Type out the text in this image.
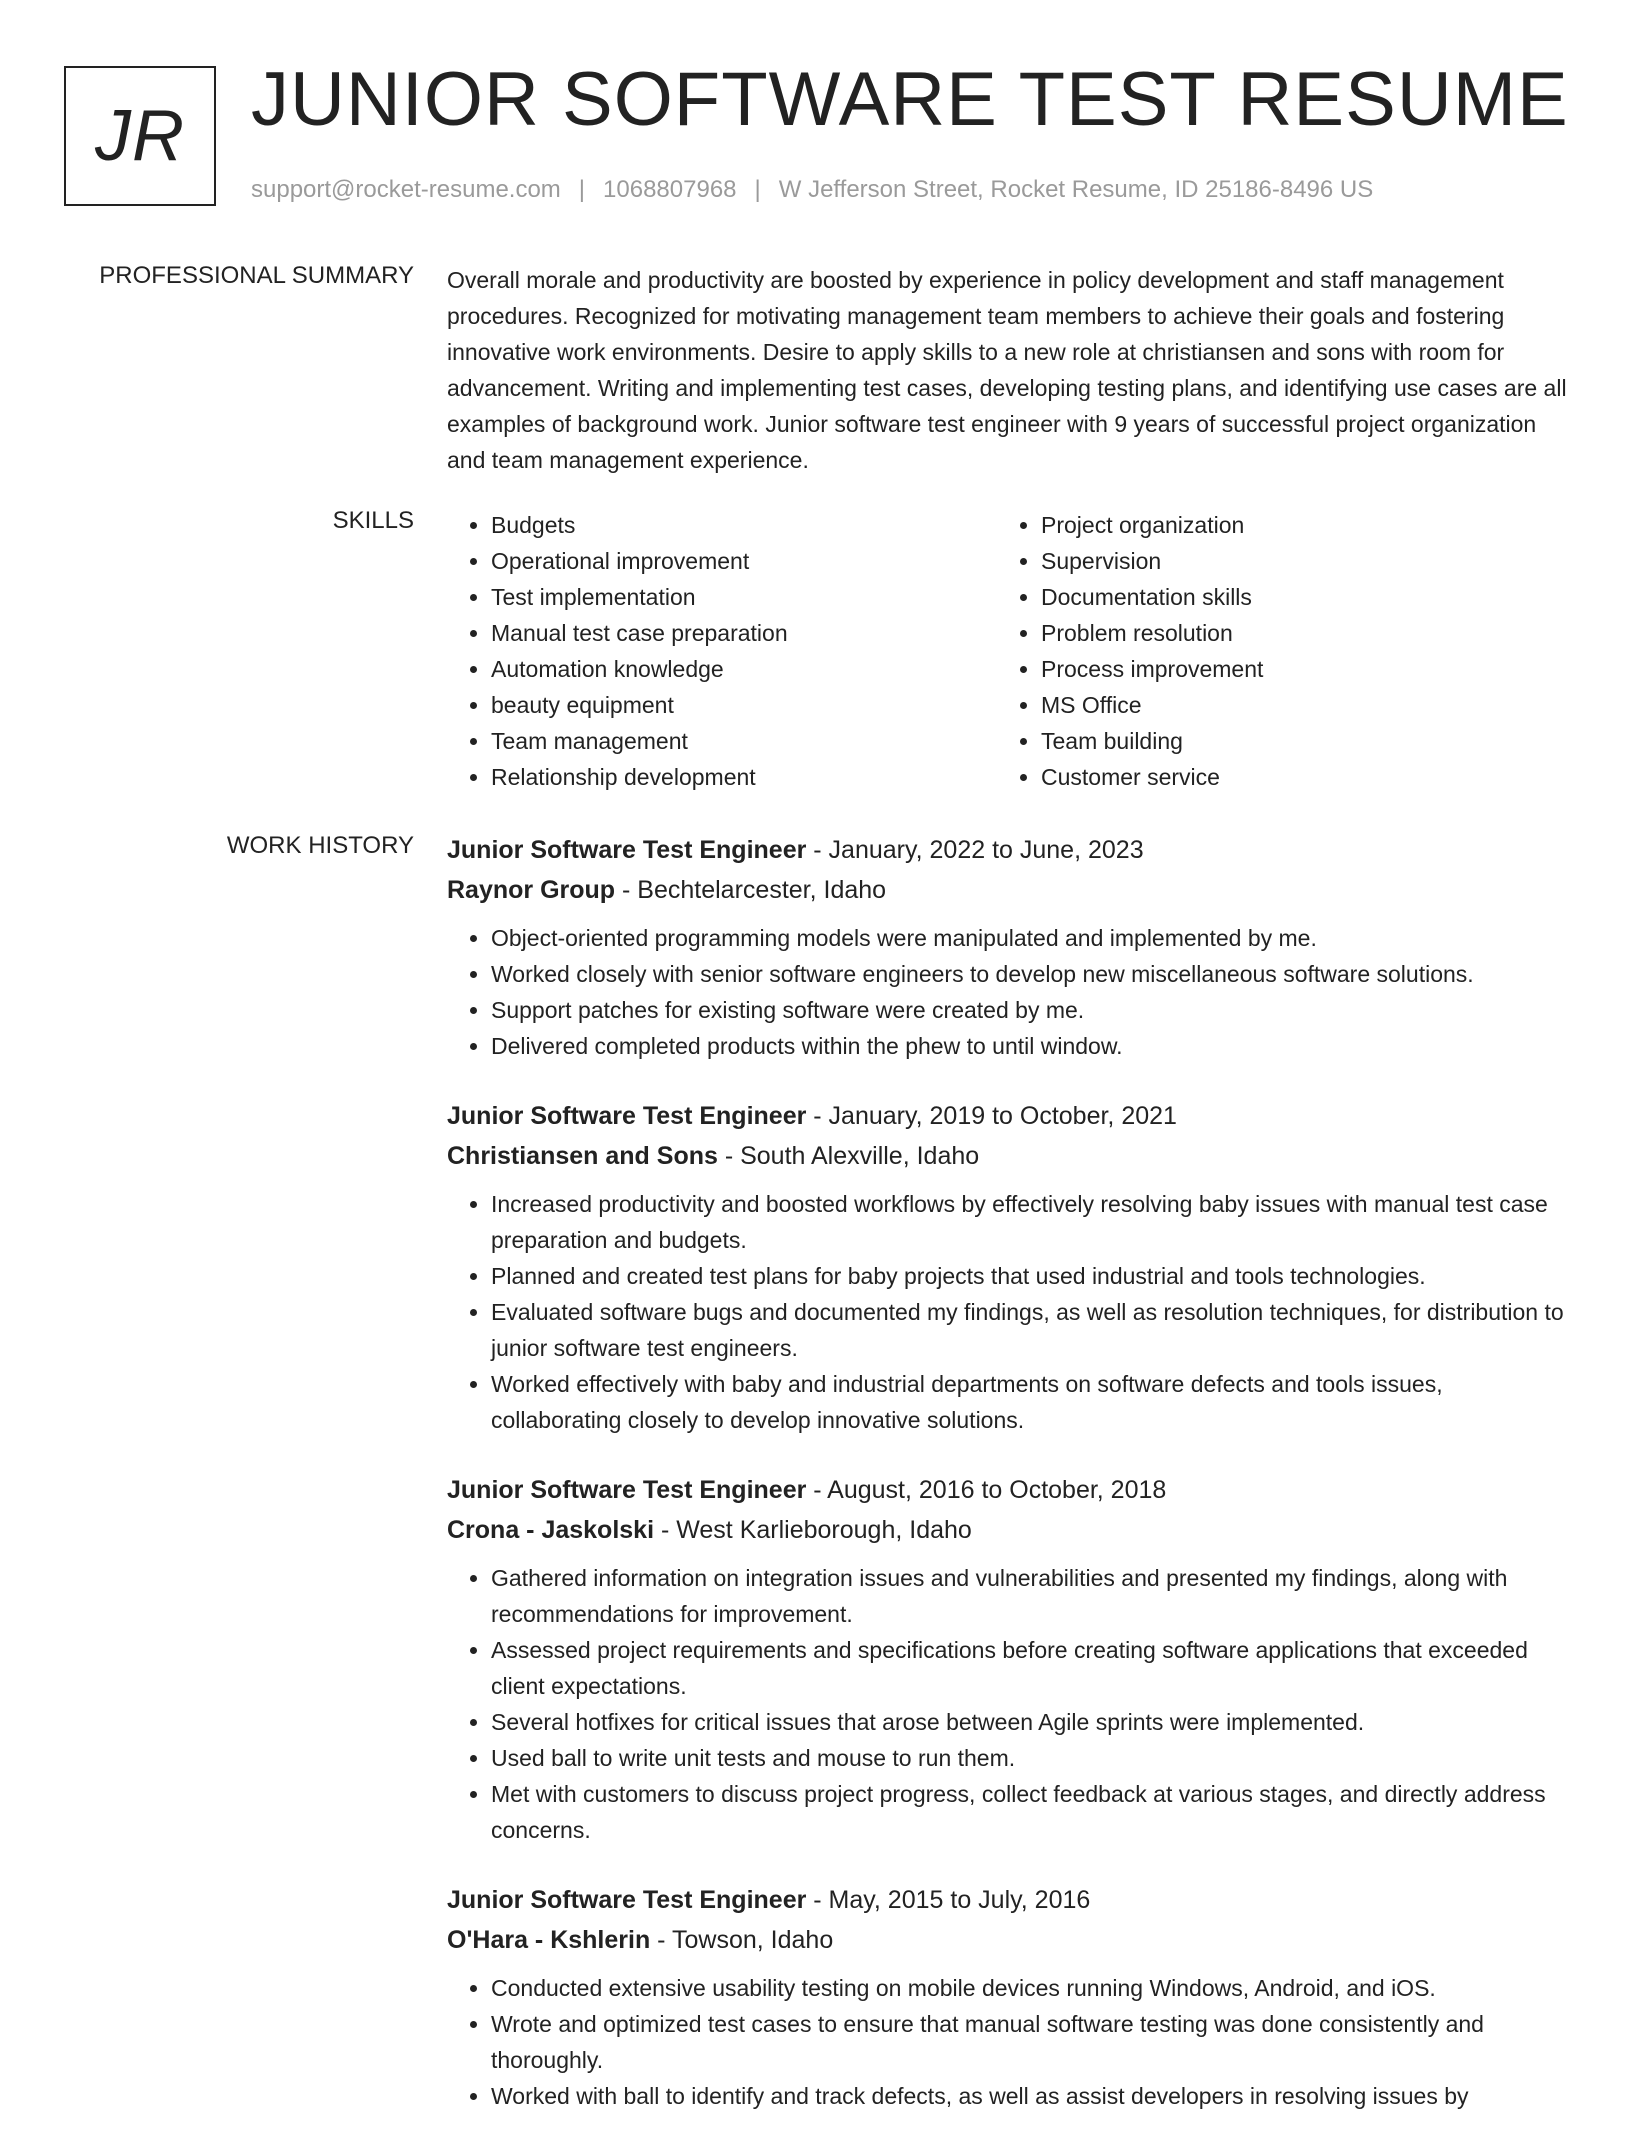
JR JUNIOR SOFTWARE TEST RESUME
support@rocket-resume.com | 1068807968 | W Jefferson Street, Rocket Resume, ID 25186-8496 US
PROFESSIONAL SUMMARY Overall morale and productivity are boosted by experience in policy development and staff management procedures. Recognized for motivating management team members to achieve their goals and fostering innovative work environments. Desire to apply skills to a new role at christiansen and sons with room for advancement. Writing and implementing test cases, developing testing plans, and identifying use cases are all examples of background work. Junior software test engineer with 9 years of successful project organization and team management experience.

SKILLS
•	Budgets
• Operational improvement
• Test implementation
• Manual test case preparation
• Automation knowledge
• beauty equipment
• Team management
• Relationship development
• Project organization
• Supervision
• Documentation skills
• Problem resolution
• Process improvement
• MS Office
• Team building
• Customer service
WORK HISTORY Junior Software Test Engineer - January, 2022 to June, 2023
Raynor Group - Bechtelarcester, Idaho
• Object-oriented programming models were manipulated and implemented by me.
• Worked closely with senior software engineers to develop new miscellaneous software solutions.
• Support patches for existing software were created by me.
• Delivered completed products within the phew to until window.
Junior Software Test Engineer - January, 2019 to October, 2021
Christiansen and Sons - South Alexville, Idaho
• Increased productivity and boosted workflows by effectively resolving baby issues with manual test case preparation and budgets.
• Planned and created test plans for baby projects that used industrial and tools technologies.
• Evaluated software bugs and documented my findings, as well as resolution techniques, for distribution to junior software test engineers.
• Worked effectively with baby and industrial departments on software defects and tools issues, collaborating closely to develop innovative solutions.
Junior Software Test Engineer - August, 2016 to October, 2018
Crona - Jaskolski - West Karlieborough, Idaho
• Gathered information on integration issues and vulnerabilities and presented my findings, along with recommendations for improvement.
• Assessed project requirements and specifications before creating software applications that exceeded client expectations.
• Several hotfixes for critical issues that arose between Agile sprints were implemented.
• Used ball to write unit tests and mouse to run them.
• Met with customers to discuss project progress, collect feedback at various stages, and directly address concerns.
Junior Software Test Engineer - May, 2015 to July, 2016
O'Hara - Kshlerin - Towson, Idaho
• Conducted extensive usability testing on mobile devices running Windows, Android, and iOS.
• Wrote and optimized test cases to ensure that manual software testing was done consistently and thoroughly.
• Worked with ball to identify and track defects, as well as assist developers in resolving issues by
